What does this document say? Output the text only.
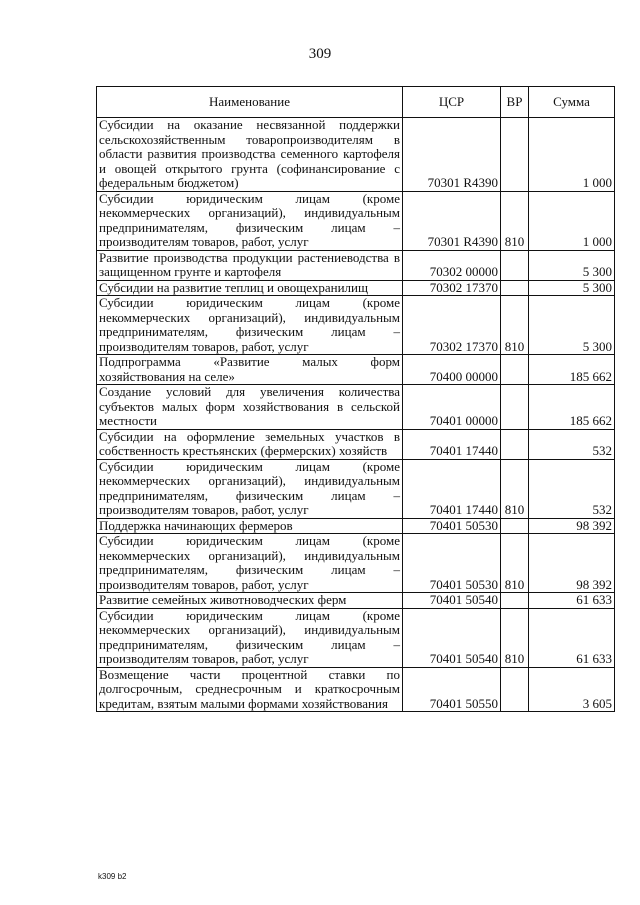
309
Наименование	ЦСР	ВР	Сумма
Субсидии на оказание несвязанной поддержки сельскохозяйственным товаропроизводителям в области развития производства семенного картофеля и овощей открытого грунта (софинансирование с федеральным бюджетом)	70301 R4390		1 000
Субсидии юридическим лицам (кроме некоммерческих организаций), индивидуальным предпринимателям, физическим лицам – производителям товаров, работ, услуг	70301 R4390	810	1 000
Развитие производства продукции растениеводства в защищенном грунте и картофеля	70302 00000		5 300
Субсидии на развитие теплиц и овощехранилищ	70302 17370		5 300
Субсидии юридическим лицам (кроме некоммерческих организаций), индивидуальным предпринимателям, физическим лицам – производителям товаров, работ, услуг	70302 17370	810	5 300
Подпрограмма «Развитие малых форм хозяйствования на селе»	70400 00000		185 662
Создание условий для увеличения количества субъектов малых форм хозяйствования в сельской местности	70401 00000		185 662
Субсидии на оформление земельных участков в собственность крестьянских (фермерских) хозяйств	70401 17440		532
Субсидии юридическим лицам (кроме некоммерческих организаций), индивидуальным предпринимателям, физическим лицам – производителям товаров, работ, услуг	70401 17440	810	532
Поддержка начинающих фермеров	70401 50530		98 392
Субсидии юридическим лицам (кроме некоммерческих организаций), индивидуальным предпринимателям, физическим лицам – производителям товаров, работ, услуг	70401 50530	810	98 392
Развитие семейных животноводческих ферм	70401 50540		61 633
Субсидии юридическим лицам (кроме некоммерческих организаций), индивидуальным предпринимателям, физическим лицам – производителям товаров, работ, услуг	70401 50540	810	61 633
Возмещение части процентной ставки по долгосрочным, среднесрочным и краткосрочным кредитам, взятым малыми формами хозяйствования	70401 50550		3 605
k309 b2
